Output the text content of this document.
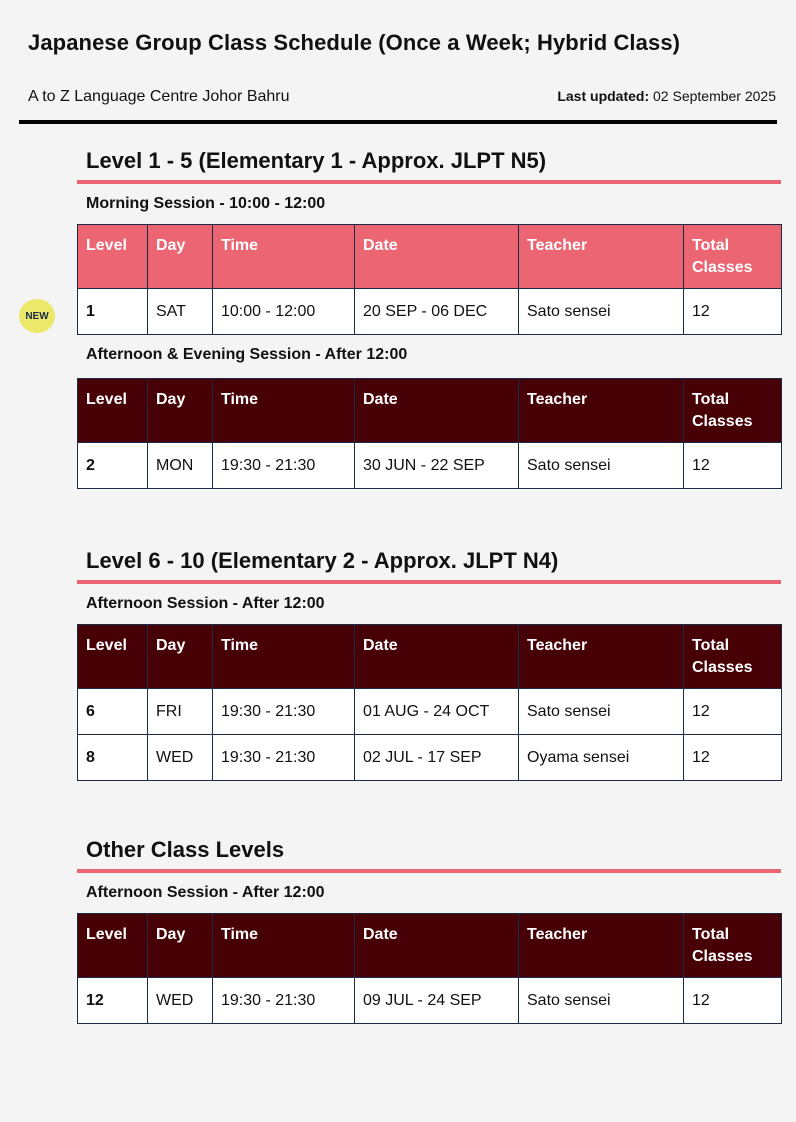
Japanese Group Class Schedule (Once a Week; Hybrid Class)
A to Z Language Centre Johor Bahru	Last updated: 02 September 2025
NEW
Level 1 - 5 (Elementary 1 - Approx. JLPT N5)
Morning Session - 10:00 - 12:00
Level	Day	Time	Date	Teacher	Total Classes
1	SAT	10:00 - 12:00	20 SEP - 06 DEC	Sato sensei	12
Afternoon & Evening Session - After 12:00
Level	Day	Time	Date	Teacher	Total Classes
2	MON	19:30 - 21:30	30 JUN - 22 SEP	Sato sensei	12
Level 6 - 10 (Elementary 2 - Approx. JLPT N4)
Afternoon Session - After 12:00
Level	Day	Time	Date	Teacher	Total Classes
6	FRI	19:30 - 21:30	01 AUG - 24 OCT	Sato sensei	12
8	WED	19:30 - 21:30	02 JUL - 17 SEP	Oyama sensei	12
Other Class Levels
Afternoon Session - After 12:00
Level	Day	Time	Date	Teacher	Total Classes
12	WED	19:30 - 21:30	09 JUL - 24 SEP	Sato sensei	12
